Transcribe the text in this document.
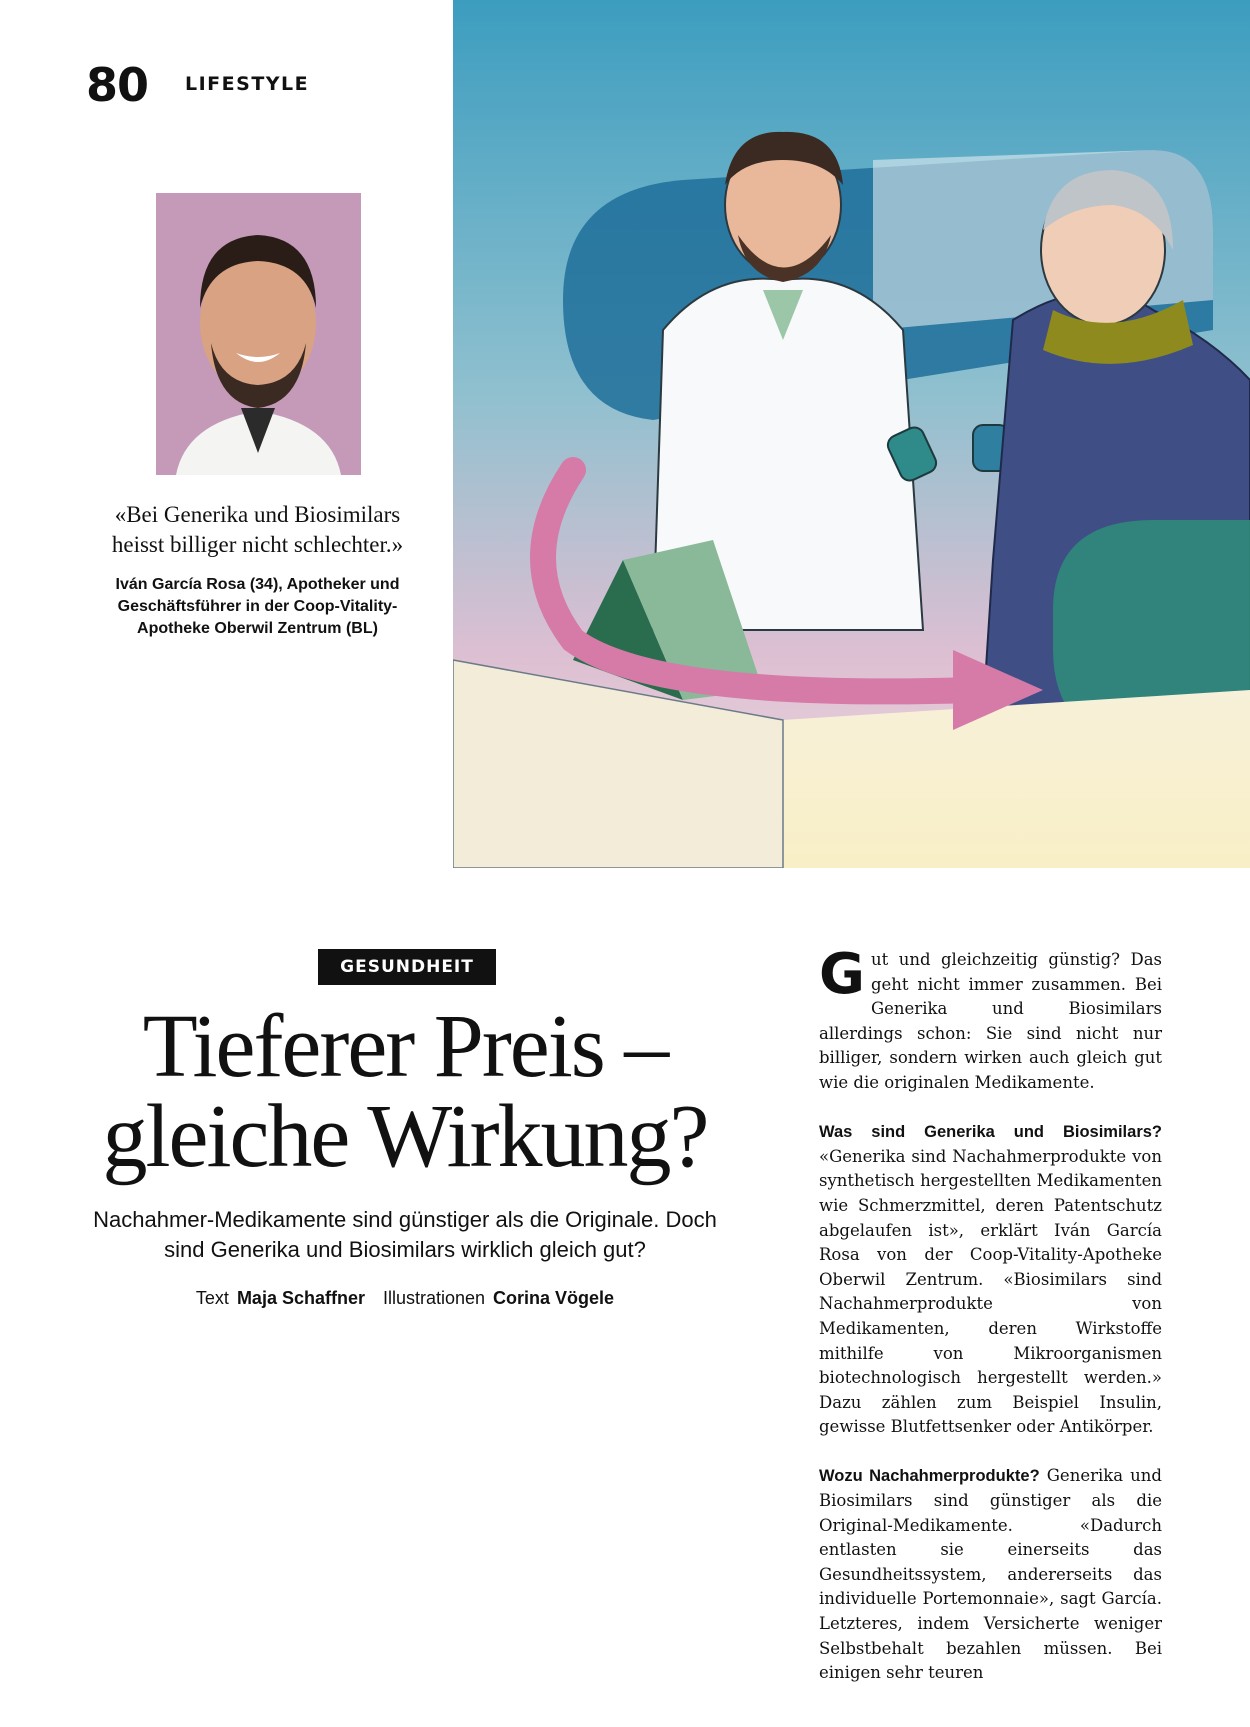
80 LIFESTYLE
«Bei Generika und Biosimilars heisst billiger nicht schlechter.»
Iván García Rosa (34), Apotheker und Geschäftsführer in der Coop-Vitality-Apotheke Oberwil Zentrum (BL)
GESUNDHEIT
Tieferer Preis –
gleiche Wirkung?
Nachahmer-Medikamente sind günstiger als die Originale. Doch sind Generika und Biosimilars wirklich gleich gut?
Text Maja Schaffner Illustrationen Corina Vögele

Gut und gleichzeitig günstig? Das geht nicht immer zusammen. Bei Generika und Biosimilars allerdings schon: Sie sind nicht nur billiger, sondern wirken auch gleich gut wie die originalen Medikamente.

Was sind Generika und Biosimilars? «Generika sind Nachahmerprodukte von synthetisch hergestellten Medikamenten wie Schmerzmittel, deren Patentschutz abgelaufen ist», erklärt Iván García Rosa von der Coop-Vitality-Apotheke Oberwil Zentrum. «Biosimilars sind Nachahmerprodukte von Medikamenten, deren Wirkstoffe mithilfe von Mikroorganismen biotechnologisch hergestellt werden.» Dazu zählen zum Beispiel Insulin, gewisse Blutfettsenker oder Antikörper.

Wozu Nachahmerprodukte? Generika und Biosimilars sind günstiger als die Original-Medikamente. «Dadurch entlasten sie einerseits das Gesundheitssystem, andererseits das individuelle Portemonnaie», sagt García. Letzteres, indem Versicherte weniger Selbstbehalt bezahlen müssen. Bei einigen sehr teuren
